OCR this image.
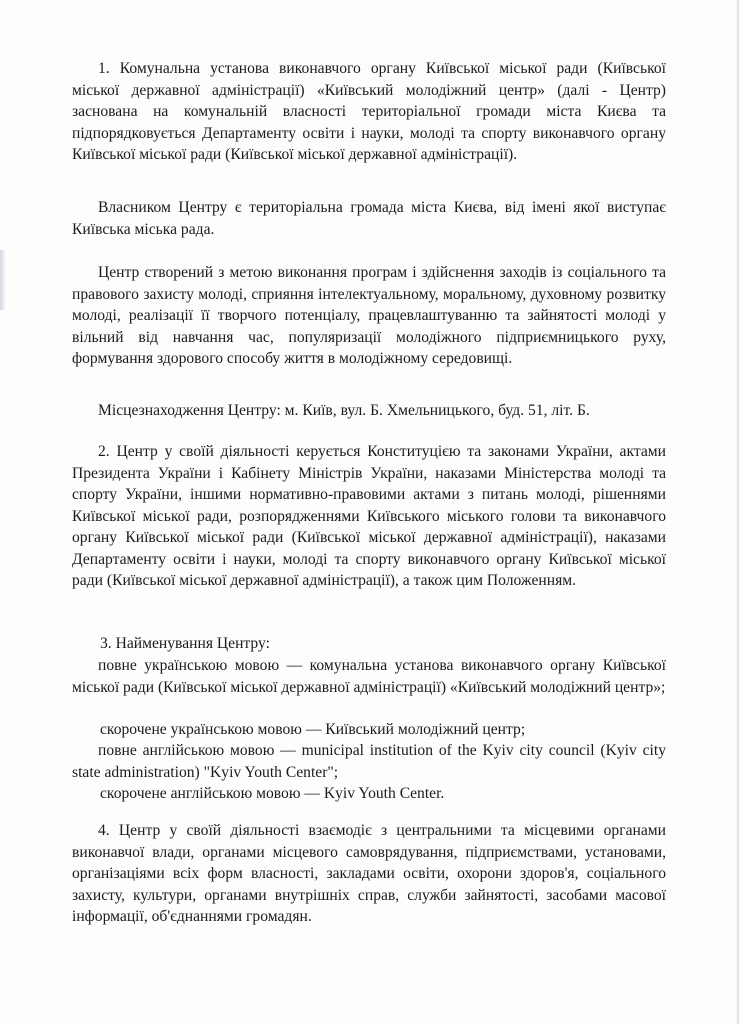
1. Комунальна установа виконавчого органу Київської міської ради (Київської міської державної адміністрації) «Київський молодіжний центр» (далі - Центр) заснована на комунальній власності територіальної громади міста Києва та підпорядковується Департаменту освіти і науки, молоді та спорту виконавчого органу Київської міської ради (Київської міської державної адміністрації).

Власником Центру є територіальна громада міста Києва, від імені якої виступає Київська міська рада.

Центр створений з метою виконання програм і здійснення заходів із соціального та правового захисту молоді, сприяння інтелектуальному, моральному, духовному розвитку молоді, реалізації її творчого потенціалу, працевлаштуванню та зайнятості молоді у вільний від навчання час, популяризації молодіжного підприємницького руху, формування здорового способу життя в молодіжному середовищі.

Місцезнаходження Центру: м. Київ, вул. Б. Хмельницького, буд. 51, літ. Б.

2. Центр у своїй діяльності керується Конституцією та законами України, актами Президента України і Кабінету Міністрів України, наказами Міністерства молоді та спорту України, іншими нормативно-правовими актами з питань молоді, рішеннями Київської міської ради, розпорядженнями Київського міського голови та виконавчого органу Київської міської ради (Київської міської державної адміністрації), наказами Департаменту освіти і науки, молоді та спорту виконавчого органу Київської міської ради (Київської міської державної адміністрації), а також цим Положенням.

3. Найменування Центру:

повне українською мовою — комунальна установа виконавчого органу Київської міської ради (Київської міської державної адміністрації) «Київський молодіжний центр»;

скорочене українською мовою — Київський молодіжний центр;

повне англійською мовою — municipal institution of the Kyiv city council (Kyiv city state administration) "Kyiv Youth Center";

скорочене англійською мовою — Kyiv Youth Center.

4. Центр у своїй діяльності взаємодіє з центральними та місцевими органами виконавчої влади, органами місцевого самоврядування, підприємствами, установами, організаціями всіх форм власності, закладами освіти, охорони здоров'я, соціального захисту, культури, органами внутрішніх справ, служби зайнятості, засобами масової інформації, об'єднаннями громадян.
